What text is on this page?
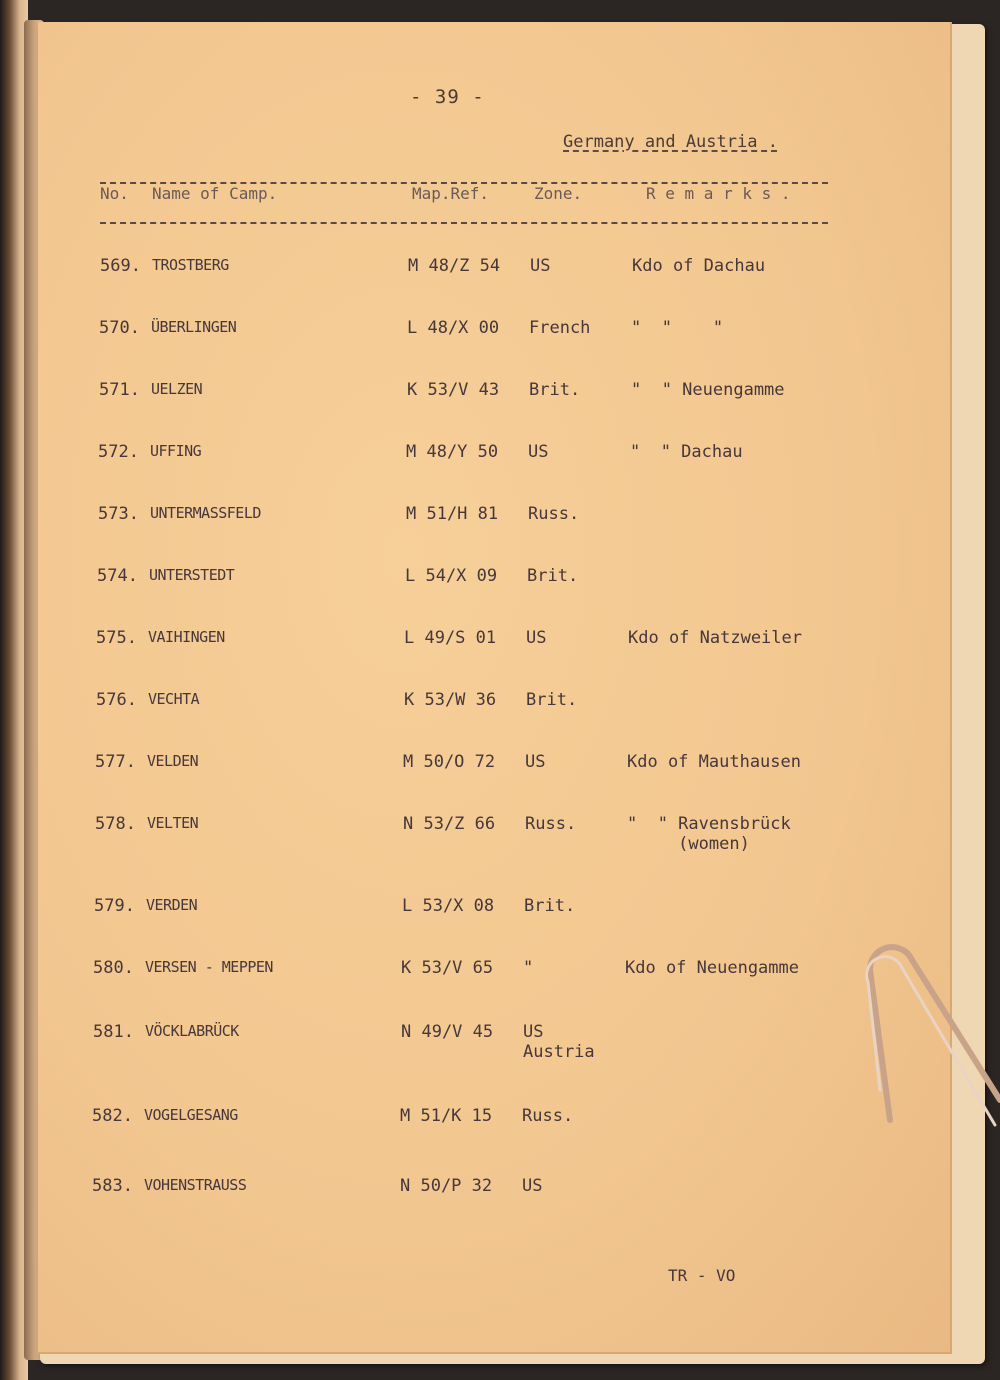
- 39 -
Germany and Austria .
No. Name of Camp.	Map.Ref.	Zone.	R e m a r k s .
569. TROSTBERG	M 48/Z 54 US	Kdo of Dachau
570. ÜBERLINGEN	L 48/X 00 French "  "    "
571. UELZEN	K 53/V 43 Brit.	"  " Neuengamme
572. UFFING	M 48/Y 50 US	"  " Dachau
573. UNTERMASSFELD	M 51/H 81 Russ.
574. UNTERSTEDT	L 54/X 09 Brit.
575. VAIHINGEN	L 49/S 01 US	Kdo of Natzweiler
576. VECHTA	K 53/W 36 Brit.
577. VELDEN	M 50/O 72 US	Kdo of Mauthausen
578. VELTEN	N 53/Z 66 Russ.	"  " Ravensbrück
(women)
579. VERDEN	L 53/X 08 Brit.
580. VERSEN - MEPPEN	K 53/V 65 "	Kdo of Neuengamme
581. VÖCKLABRÜCK	N 49/V 45 US
Austria
582. VOGELGESANG	M 51/K 15 Russ.
583. VOHENSTRAUSS	N 50/P 32 US
TR - VO
